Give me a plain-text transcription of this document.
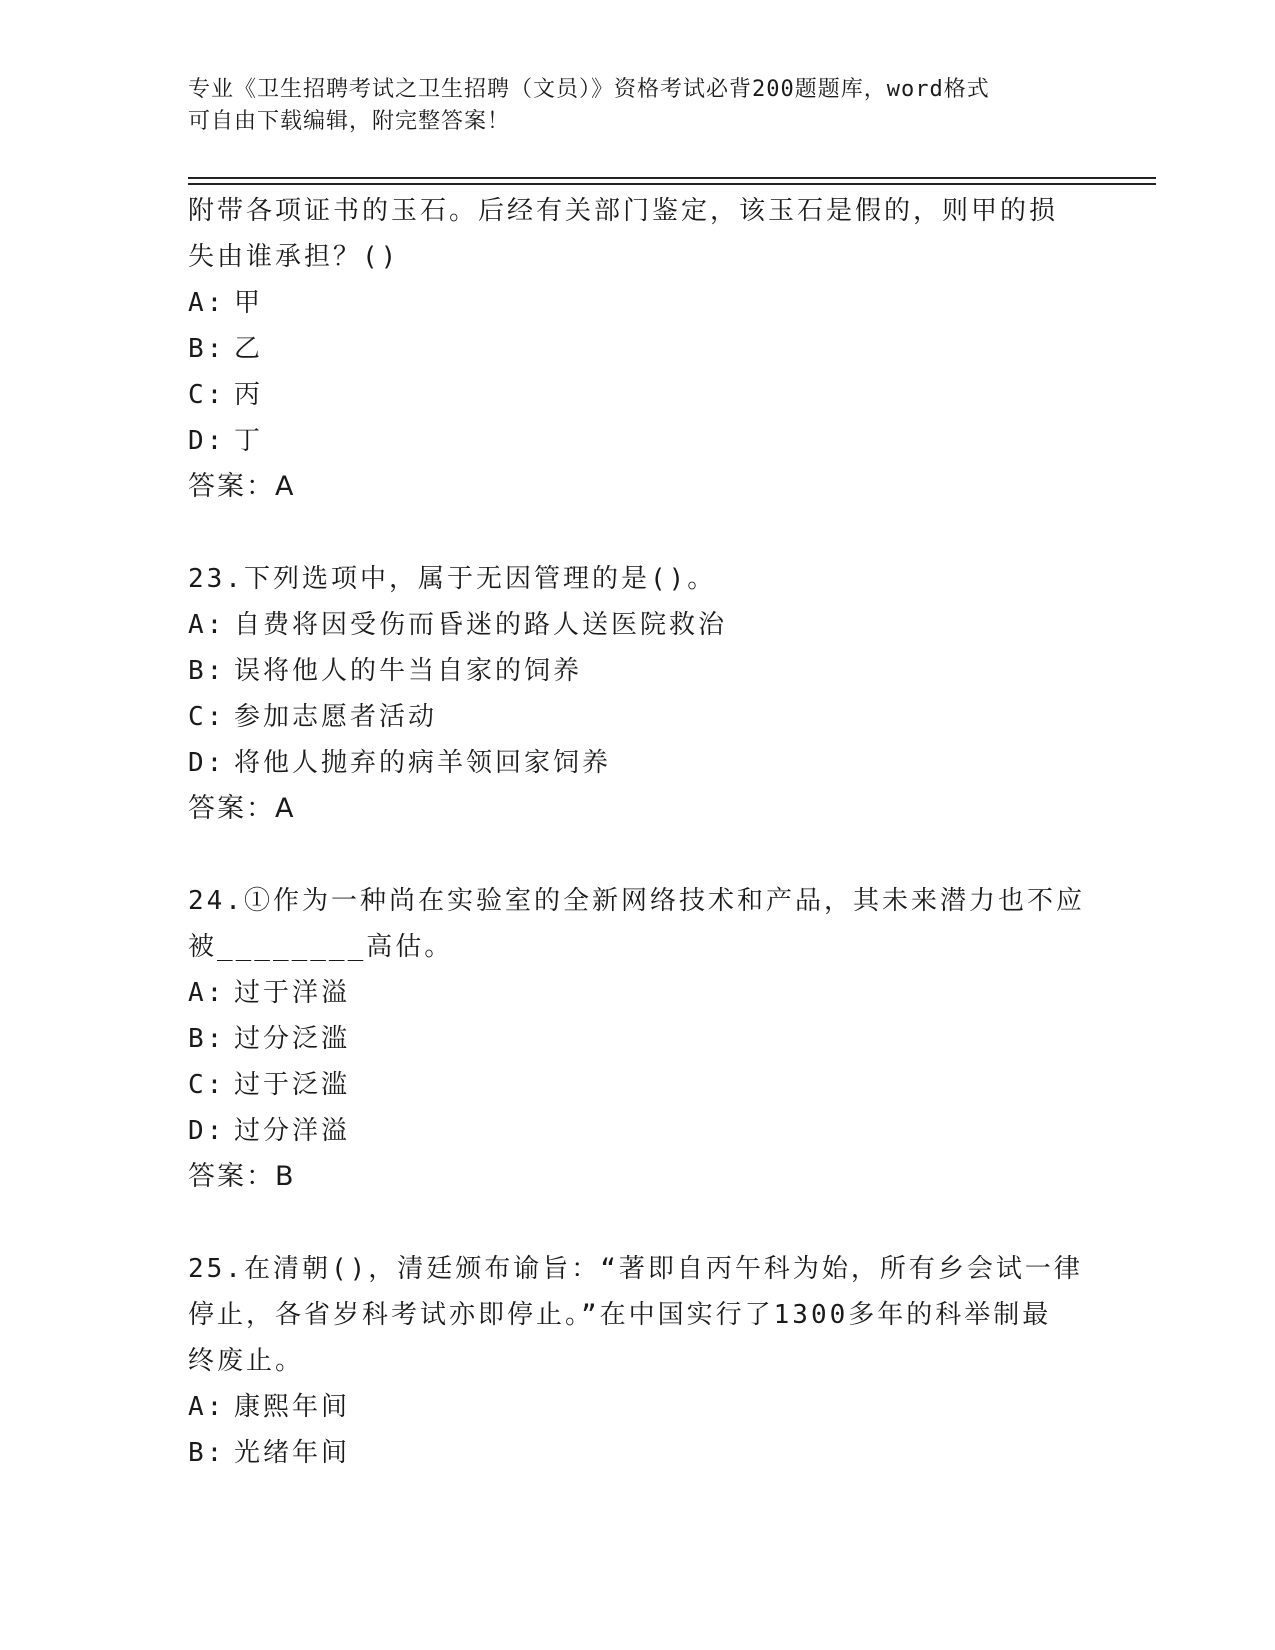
专业《卫生招聘考试之卫生招聘（文员）》资格考试必背200题题库，word格式
可自由下载编辑，附完整答案！
附带各项证书的玉石。后经有关部门鉴定，该玉石是假的，则甲的损
失由谁承担？()
A: 甲
B: 乙
C: 丙
D: 丁
答案：A
23.下列选项中，属于无因管理的是()。
A: 自费将因受伤而昏迷的路人送医院救治
B: 误将他人的牛当自家的饲养
C: 参加志愿者活动
D: 将他人抛弃的病羊领回家饲养
答案：A
24.①作为一种尚在实验室的全新网络技术和产品，其未来潜力也不应
被________高估。
A: 过于洋溢
B: 过分泛滥
C: 过于泛滥
D: 过分洋溢
答案：B
25.在清朝()，清廷颁布谕旨：“著即自丙午科为始，所有乡会试一律
停止，各省岁科考试亦即停止。”在中国实行了1300多年的科举制最
终废止。
A: 康熙年间
B: 光绪年间
